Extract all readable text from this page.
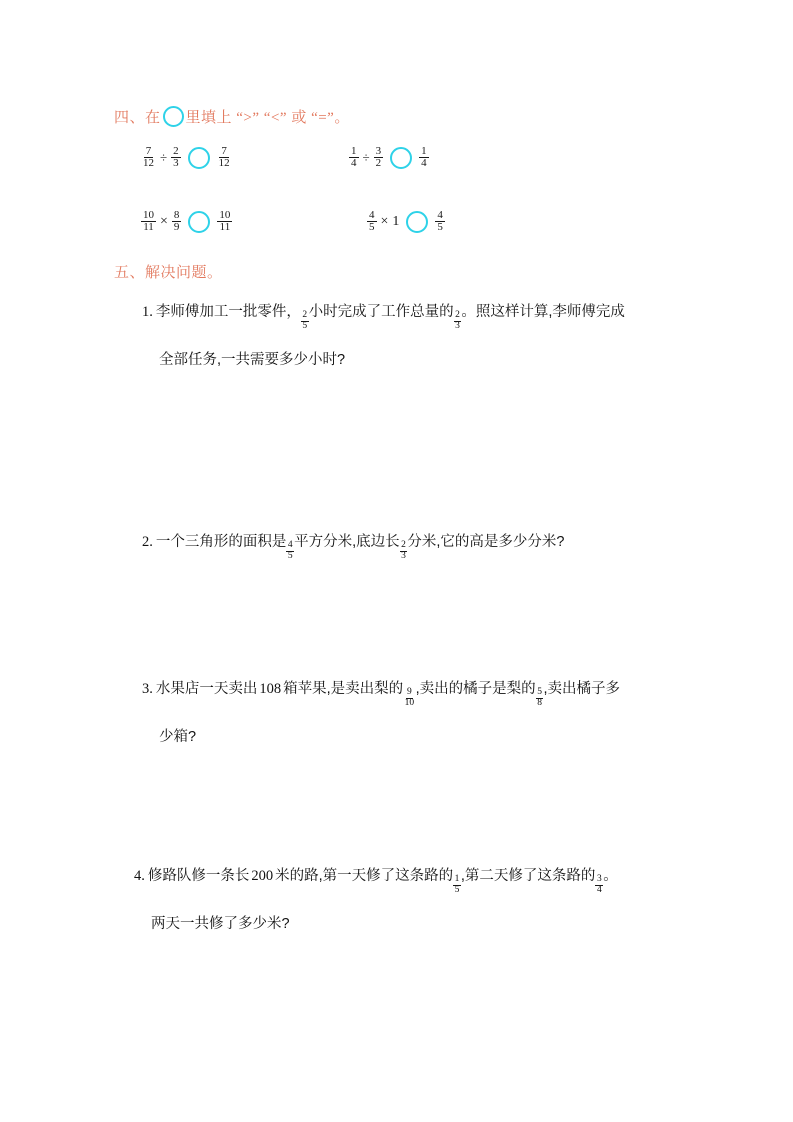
四、在 里填上 “>” “<” 或 “=”。
$\frac{7}{12} \div \frac{2}{3}$	$\frac{7}{12}$	$\frac{1}{4} \div \frac{3}{2}$	$\frac{1}{4}$
$\frac{10}{11} \times \frac{8}{9}$	$\frac{10}{11}$	$\frac{4}{5} \times 1$	$\frac{4}{5}$
五、解决问题。
1. 李师傅加工一批零件， $\frac{2}{5}$ 小时完成了工作总量的 $\frac{2}{3}$ 。照这样计算,李师傅完成
全部任务,一共需要多少小时?
2. 一个三角形的面积是 $\frac{4}{5}$ 平方分米,底边长 $\frac{2}{3}$ 分米,它的高是多少分米?
3. 水果店一天卖出 108 箱苹果,是卖出梨的 $\frac{9}{10}$ ,卖出的橘子是梨的 $\frac{5}{8}$ ,卖出橘子多
少箱?
4. 修路队修一条长 200 米的路,第一天修了这条路的 $\frac{1}{5}$ ,第二天修了这条路的 $\frac{3}{4}$ 。
两天一共修了多少米?
